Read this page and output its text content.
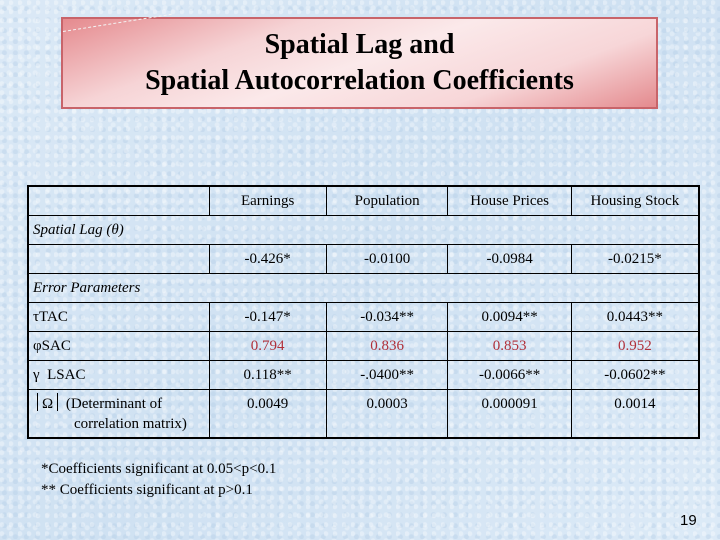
Spatial Lag and
Spatial Autocorrelation Coefficients
	Earnings	Population	House Prices	Housing Stock
Spatial Lag (θ)				
	-0.426*	-0.0100	-0.0984	-0.0215*
Error Parameters				
τTAC	-0.147*	-0.034**	0.0094**	0.0443**
φSAC	0.794	0.836	0.853	0.952
γ  LSAC	0.118**	-.0400**	-0.0066**	-0.0602**

Ω (Determinant of
correlation matrix)	0.0049	0.0003	0.000091	0.0014
*Coefficients significant at 0.05<p<0.1
** Coefficients significant at p>0.1
19
